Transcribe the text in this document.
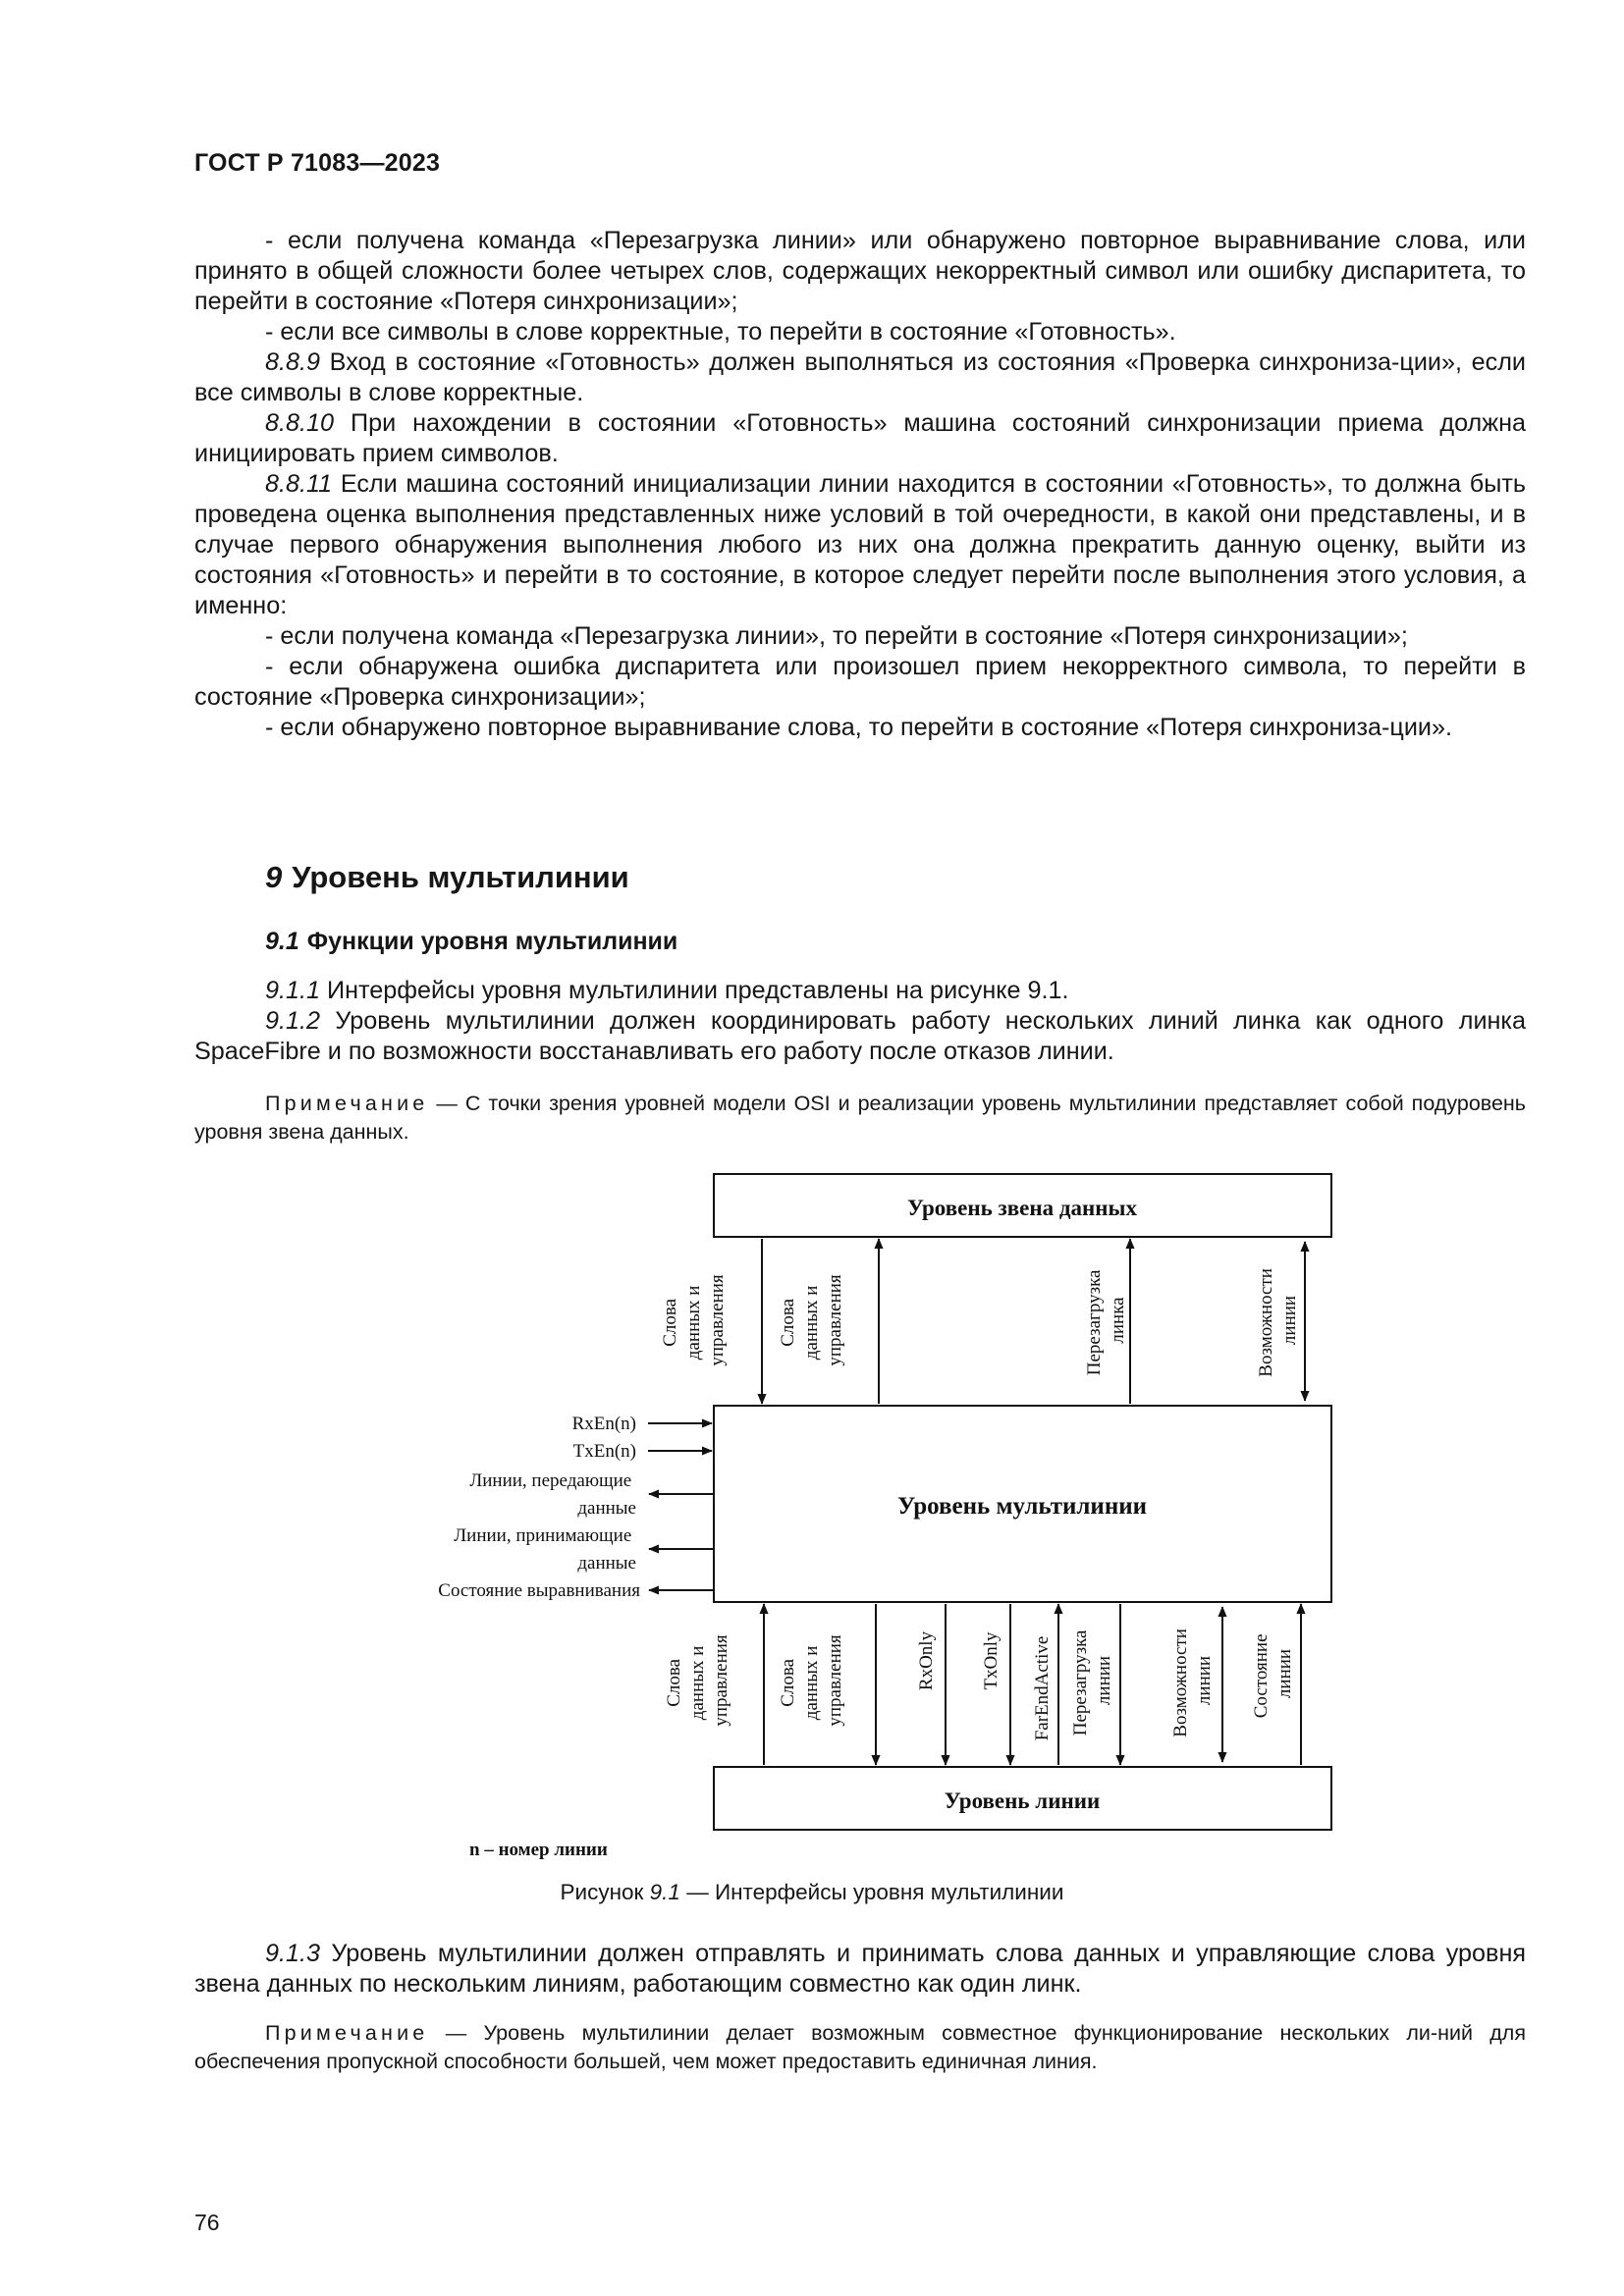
ГОСТ Р 71083—2023

- если получена команда «Перезагрузка линии» или обнаружено повторное выравнивание слова, или принято в общей сложности более четырех слов, содержащих некорректный символ или ошибку диспаритета, то перейти в состояние «Потеря синхронизации»;

- если все символы в слове корректные, то перейти в состояние «Готовность».

8.8.9 Вход в состояние «Готовность» должен выполняться из состояния «Проверка синхрониза-ции», если все символы в слове корректные.

8.8.10 При нахождении в состоянии «Готовность» машина состояний синхронизации приема должна инициировать прием символов.

8.8.11 Если машина состояний инициализации линии находится в состоянии «Готовность», то должна быть проведена оценка выполнения представленных ниже условий в той очередности, в какой они представлены, и в случае первого обнаружения выполнения любого из них она должна прекратить данную оценку, выйти из состояния «Готовность» и перейти в то состояние, в которое следует перейти после выполнения этого условия, а именно:

- если получена команда «Перезагрузка линии», то перейти в состояние «Потеря синхронизации»;

- если обнаружена ошибка диспаритета или произошел прием некорректного символа, то перейти в состояние «Проверка синхронизации»;

- если обнаружено повторное выравнивание слова, то перейти в состояние «Потеря синхрониза-ции».

9 Уровень мультилинии
9.1 Функции уровня мультилинии

9.1.1 Интерфейсы уровня мультилинии представлены на рисунке 9.1.

9.1.2 Уровень мультилинии должен координировать работу нескольких линий линка как одного линка SpaceFibre и по возможности восстанавливать его работу после отказов линии.

Примечание — С точки зрения уровней модели OSI и реализации уровень мультилинии представляет собой подуровень уровня звена данных.

Уровень звена данных
Уровень мультилинии
Уровень линии
Слова данных и управления	Слова данных и управления	Перезагрузка линка	Возможности линии
Слова данных и управления Слова данных и управления	RxOnly TxOnly FarEndActive Перезагрузка линии	Возможности линии Состояние линии
RxEn(n)
TxEn(n)
Линии, передающие данные
Линии, принимающие данные
Состояние выравнивания
n – номер линии
Рисунок 9.1 — Интерфейсы уровня мультилинии

9.1.3 Уровень мультилинии должен отправлять и принимать слова данных и управляющие слова уровня звена данных по нескольким линиям, работающим совместно как один линк.

Примечание — Уровень мультилинии делает возможным совместное функционирование нескольких ли-ний для обеспечения пропускной способности большей, чем может предоставить единичная линия.

76
